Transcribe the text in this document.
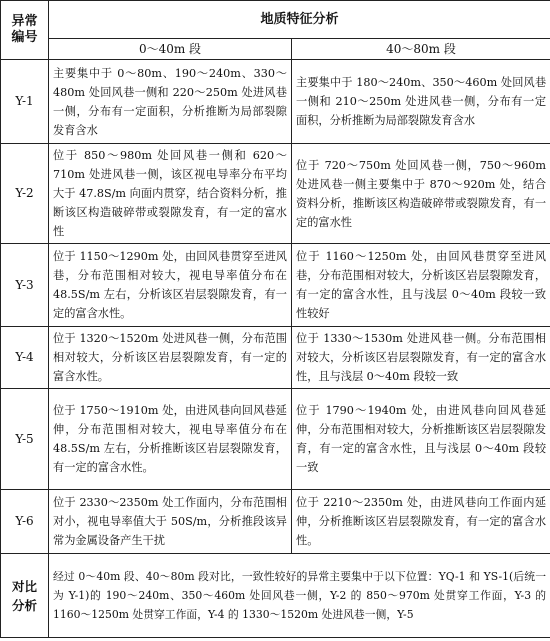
异常编号	地质特征分析	
	0～40m 段	40～80m 段
Y-1	主要集中于 0～80m、190～240m、330～480m 处回风巷一侧和 220～250m 处进风巷一侧，分布有一定面积，分析推断为局部裂隙发育含水	主要集中于 180～240m、350～460m 处回风巷一侧和 210～250m 处进风巷一侧，分布有一定面积，分析推断为局部裂隙发育含水
Y-2	位于 850～980m 处回风巷一侧和 620～710m 处进风巷一侧，该区视电导率分布平均大于 47.8S/m 向面内贯穿，结合资料分析，推断该区构造破碎带或裂隙发育，有一定的富水性	位于 720～750m 处回风巷一侧，750～960m 处进风巷一侧主要集中于 870～920m 处，结合资料分析，推断该区构造破碎带或裂隙发育，有一定的富水性
Y-3	位于 1150～1290m 处，由回风巷贯穿至进风巷，分布范围相对较大，视电导率值分布在 48.5S/m 左右，分析该区岩层裂隙发育，有一定的富含水性。	位于 1160～1250m 处，由回风巷贯穿至进风巷，分布范围相对较大，分析该区岩层裂隙发育，有一定的富含水性，且与浅层 0～40m 段较一致性较好
Y-4	位于 1320～1520m 处进风巷一侧，分布范围相对较大，分析该区岩层裂隙发育，有一定的富含水性。	位于 1330～1530m 处进风巷一侧。分布范围相对较大，分析该区岩层裂隙发育，有一定的富含水性，且与浅层 0～40m 段较一致
Y-5	位于 1750～1910m 处，由进风巷向回风巷延伸，分布范围相对较大，视电导率值分布在 48.5S/m 左右，分析推断该区岩层裂隙发育，有一定的富含水性。	位于 1790～1940m 处，由进风巷向回风巷延伸，分布范围相对较大，分析推断该区岩层裂隙发育，有一定的富含水性，且与浅层 0～40m 段较一致
Y-6	位于 2330～2350m 处工作面内，分布范围相对小，视电导率值大于 50S/m，分析推段该异常为金属设备产生干扰	位于 2210～2350m 处，由进风巷向工作面内延伸，分析推断该区岩层裂隙发育，有一定的富含水性。

对比分析	经过 0～40m 段、40～80m 段对比，一致性较好的异常主要集中于以下位置：YQ-1 和 YS-1(后统一为 Y-1)的 190～240m、350～460m 处回风巷一侧，Y-2 的 850～970m 处贯穿工作面，Y-3 的 1160～1250m 处贯穿工作面，Y-4 的 1330～1520m 处进风巷一侧，Y-5	
